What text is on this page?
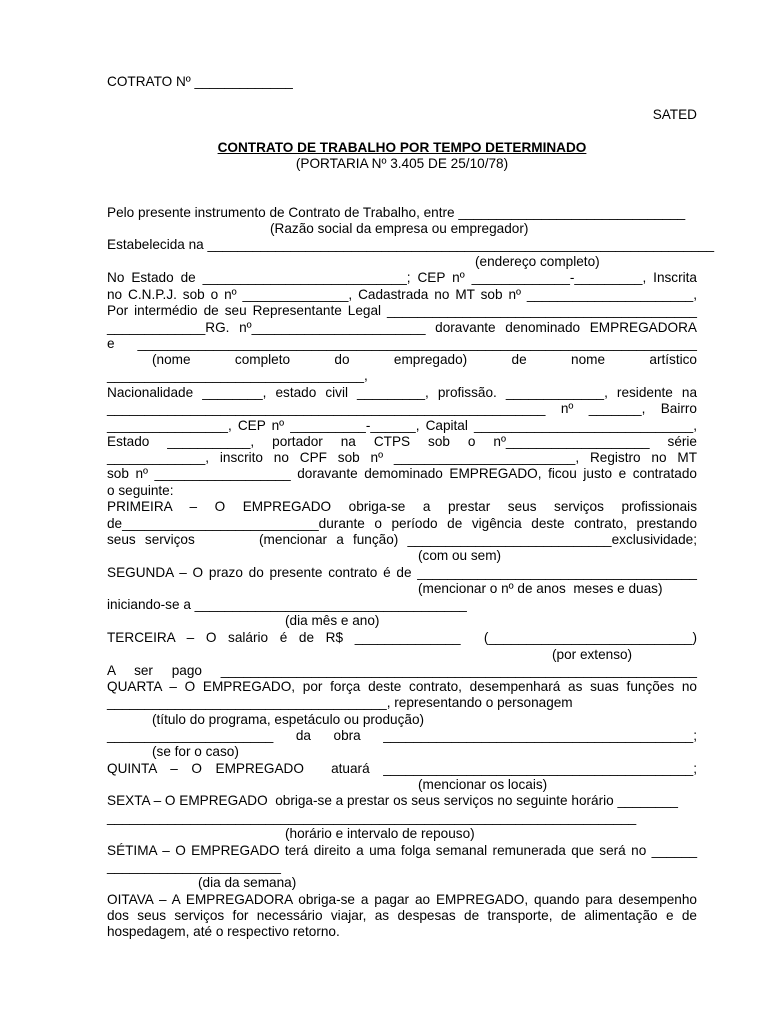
COTRATO Nº _____________
SATED
CONTRATO DE TRABALHO POR TEMPO DETERMINADO
(PORTARIA Nº 3.405 DE 25/10/78)
Pelo presente instrumento de Contrato de Trabalho, entre ______________________________
(Razão social da empresa ou empregador)
Estabelecida na ___________________________________________________________________
(endereço completo)
No Estado de ___________________________; CEP nº _____________-_________, Inscrita
no C.N.P.J. sob o nº ______________, Cadastrada no MT sob nº ______________________,
Por intermédio de seu Representante Legal _________________________________________
_____________RG. nº_______________________ doravante denominado EMPREGADORA
e __________________________________________________________________________
(nome completo do empregado) de nome artístico
__________________________________,
Nacionalidade ________, estado civil _________, profissão. _____________, residente na
__________________________________________________________ nº _______, Bairro
________________, CEP nº __________-______, Capital _____________________________,
Estado ___________, portador na CTPS sob o nº___________________ série
_____________, inscrito no CPF sob nº ________________________, Registro no MT
sob nº __________________ doravante demominado EMPREGADO, ficou justo e contratado
o seguinte:
PRIMEIRA – O EMPREGADO obriga-se a prestar seus serviços profissionais
de__________________________durante o período de vigência deste contrato, prestando
seus serviços       (mencionar a função) ___________________________exclusividade;
(com ou sem)
SEGUNDA – O prazo do presente contrato é de _____________________________________
(mencionar o nº de anos  meses e duas)
iniciando-se a ____________________________________
(dia mês e ano)
TERCEIRA – O salário é de R$ ______________  (___________________________)
(por extenso)
A ser pago _______________________________________________________________
QUARTA – O EMPREGADO, por força deste contrato, desempenhará as suas funções no
_____________________________________, representando o personagem
(título do programa, espetáculo ou produção)
______________________ da obra _________________________________________;
(se for o caso)
QUINTA – O EMPREGADO  atuará _________________________________________;
(mencionar os locais)
SEXTA – O EMPREGADO  obriga-se a prestar os seus serviços no seguinte horário ________
______________________________________________________________________
(horário e intervalo de repouso)
SÉTIMA – O EMPREGADO terá direito a uma folga semanal remunerada que será no ______
_______________________
(dia da semana)
OITAVA – A EMPREGADORA obriga-se a pagar ao EMPREGADO, quando para desempenho
dos seus serviços for necessário viajar, as despesas de transporte, de alimentação e de
hospedagem, até o respectivo retorno.
